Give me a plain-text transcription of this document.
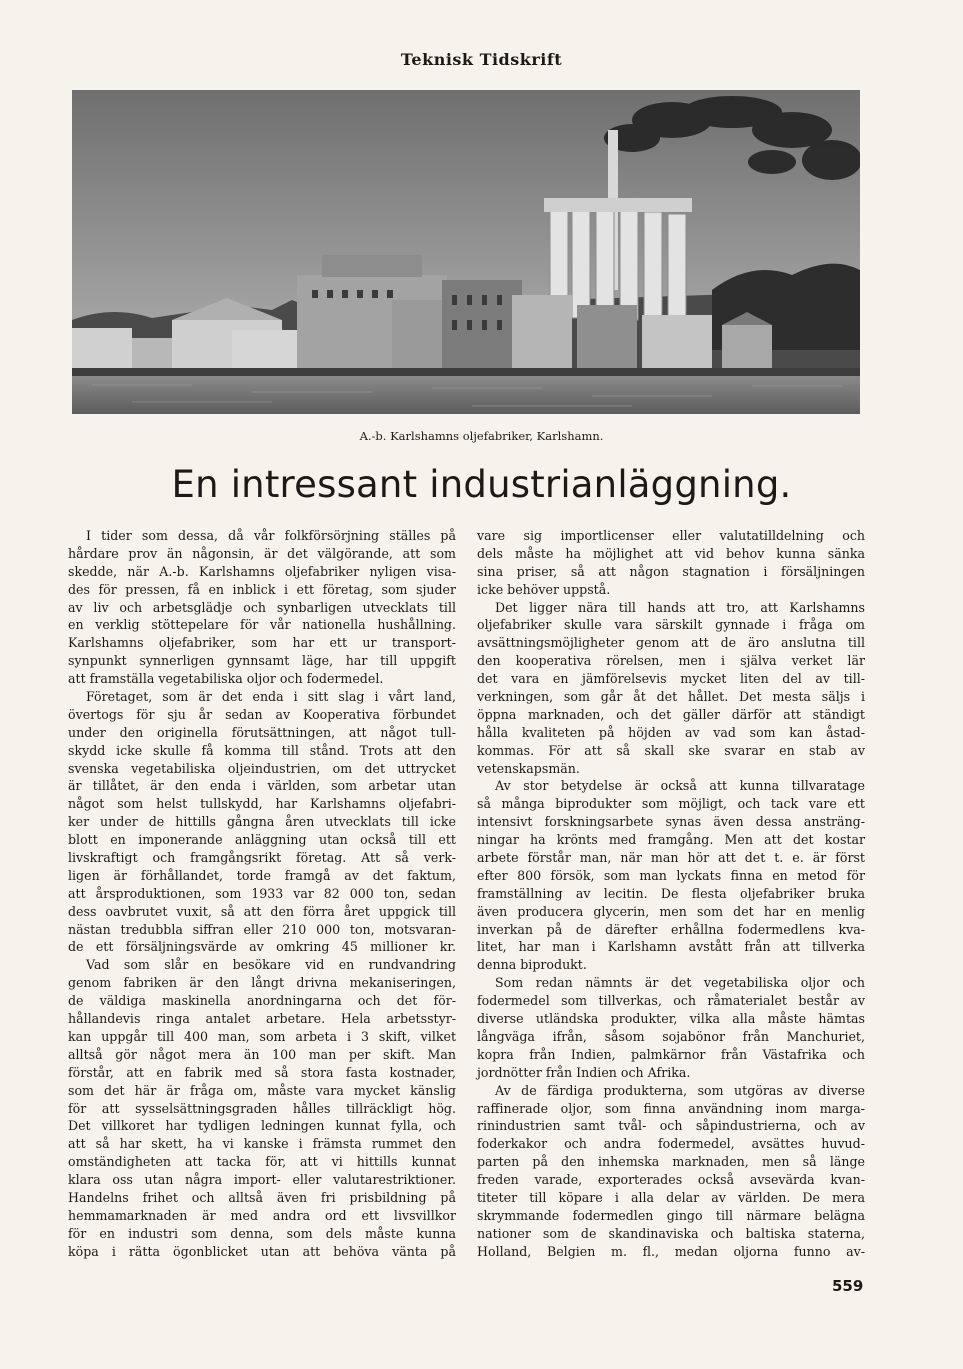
Teknisk Tidskrift
A.-b. Karlshamns oljefabriker, Karlshamn.
En intressant industrianläggning.
I tider som dessa, då vår folkförsörjning ställes på
hårdare prov än någonsin, är det välgörande, att som
skedde, när A.-b. Karlshamns oljefabriker nyligen visa-
des för pressen, få en inblick i ett företag, som sjuder
av liv och arbetsglädje och synbarligen utvecklats till
en verklig stöttepelare för vår nationella hushållning.
Karlshamns oljefabriker, som har ett ur transport-
synpunkt synnerligen gynnsamt läge, har till uppgift
att framställa vegetabiliska oljor och fodermedel.
Företaget, som är det enda i sitt slag i vårt land,
övertogs för sju år sedan av Kooperativa förbundet
under den originella förutsättningen, att något tull-
skydd icke skulle få komma till stånd. Trots att den
svenska vegetabiliska oljeindustrien, om det uttrycket
är tillåtet, är den enda i världen, som arbetar utan
något som helst tullskydd, har Karlshamns oljefabri-
ker under de hittills gångna åren utvecklats till icke
blott en imponerande anläggning utan också till ett
livskraftigt och framgångsrikt företag. Att så verk-
ligen är förhållandet, torde framgå av det faktum,
att årsproduktionen, som 1933 var 82 000 ton, sedan
dess oavbrutet vuxit, så att den förra året uppgick till
nästan tredubbla siffran eller 210 000 ton, motsvaran-
de ett försäljningsvärde av omkring 45 millioner kr.
Vad som slår en besökare vid en rundvandring
genom fabriken är den långt drivna mekaniseringen,
de väldiga maskinella anordningarna och det för-
hållandevis ringa antalet arbetare. Hela arbetsstyr-
kan uppgår till 400 man, som arbeta i 3 skift, vilket
alltså gör något mera än 100 man per skift. Man
förstår, att en fabrik med så stora fasta kostnader,
som det här är fråga om, måste vara mycket känslig
för att sysselsättningsgraden hålles tillräckligt hög.
Det villkoret har tydligen ledningen kunnat fylla, och
att så har skett, ha vi kanske i främsta rummet den
omständigheten att tacka för, att vi hittills kunnat
klara oss utan några import- eller valutarestriktioner.
Handelns frihet och alltså även fri prisbildning på
hemmamarknaden är med andra ord ett livsvillkor
för en industri som denna, som dels måste kunna
köpa i rätta ögonblicket utan att behöva vänta på
vare sig importlicenser eller valutatilldelning och
dels måste ha möjlighet att vid behov kunna sänka
sina priser, så att någon stagnation i försäljningen
icke behöver uppstå.
Det ligger nära till hands att tro, att Karlshamns
oljefabriker skulle vara särskilt gynnade i fråga om
avsättningsmöjligheter genom att de äro anslutna till
den kooperativa rörelsen, men i själva verket lär
det vara en jämförelsevis mycket liten del av till-
verkningen, som går åt det hållet. Det mesta säljs i
öppna marknaden, och det gäller därför att ständigt
hålla kvaliteten på höjden av vad som kan åstad-
kommas. För att så skall ske svarar en stab av
vetenskapsmän.
Av stor betydelse är också att kunna tillvaratage
så många biprodukter som möjligt, och tack vare ett
intensivt forskningsarbete synas även dessa ansträng-
ningar ha krönts med framgång. Men att det kostar
arbete förstår man, när man hör att det t. e. är först
efter 800 försök, som man lyckats finna en metod för
framställning av lecitin. De flesta oljefabriker bruka
även producera glycerin, men som det har en menlig
inverkan på de därefter erhållna fodermedlens kva-
litet, har man i Karlshamn avstått från att tillverka
denna biprodukt.
Som redan nämnts är det vegetabiliska oljor och
fodermedel som tillverkas, och råmaterialet består av
diverse utländska produkter, vilka alla måste hämtas
långväga ifrån, såsom sojabönor från Manchuriet,
kopra från Indien, palmkärnor från Västafrika och
jordnötter från Indien och Afrika.
Av de färdiga produkterna, som utgöras av diverse
raffinerade oljor, som finna användning inom marga-
rinindustrien samt tvål- och såpindustrierna, och av
foderkakor och andra fodermedel, avsättes huvud-
parten på den inhemska marknaden, men så länge
freden varade, exporterades också avsevärda kvan-
titeter till köpare i alla delar av världen. De mera
skrymmande fodermedlen gingo till närmare belägna
nationer som de skandinaviska och baltiska staterna,
Holland, Belgien m. fl., medan oljorna funno av-
559
